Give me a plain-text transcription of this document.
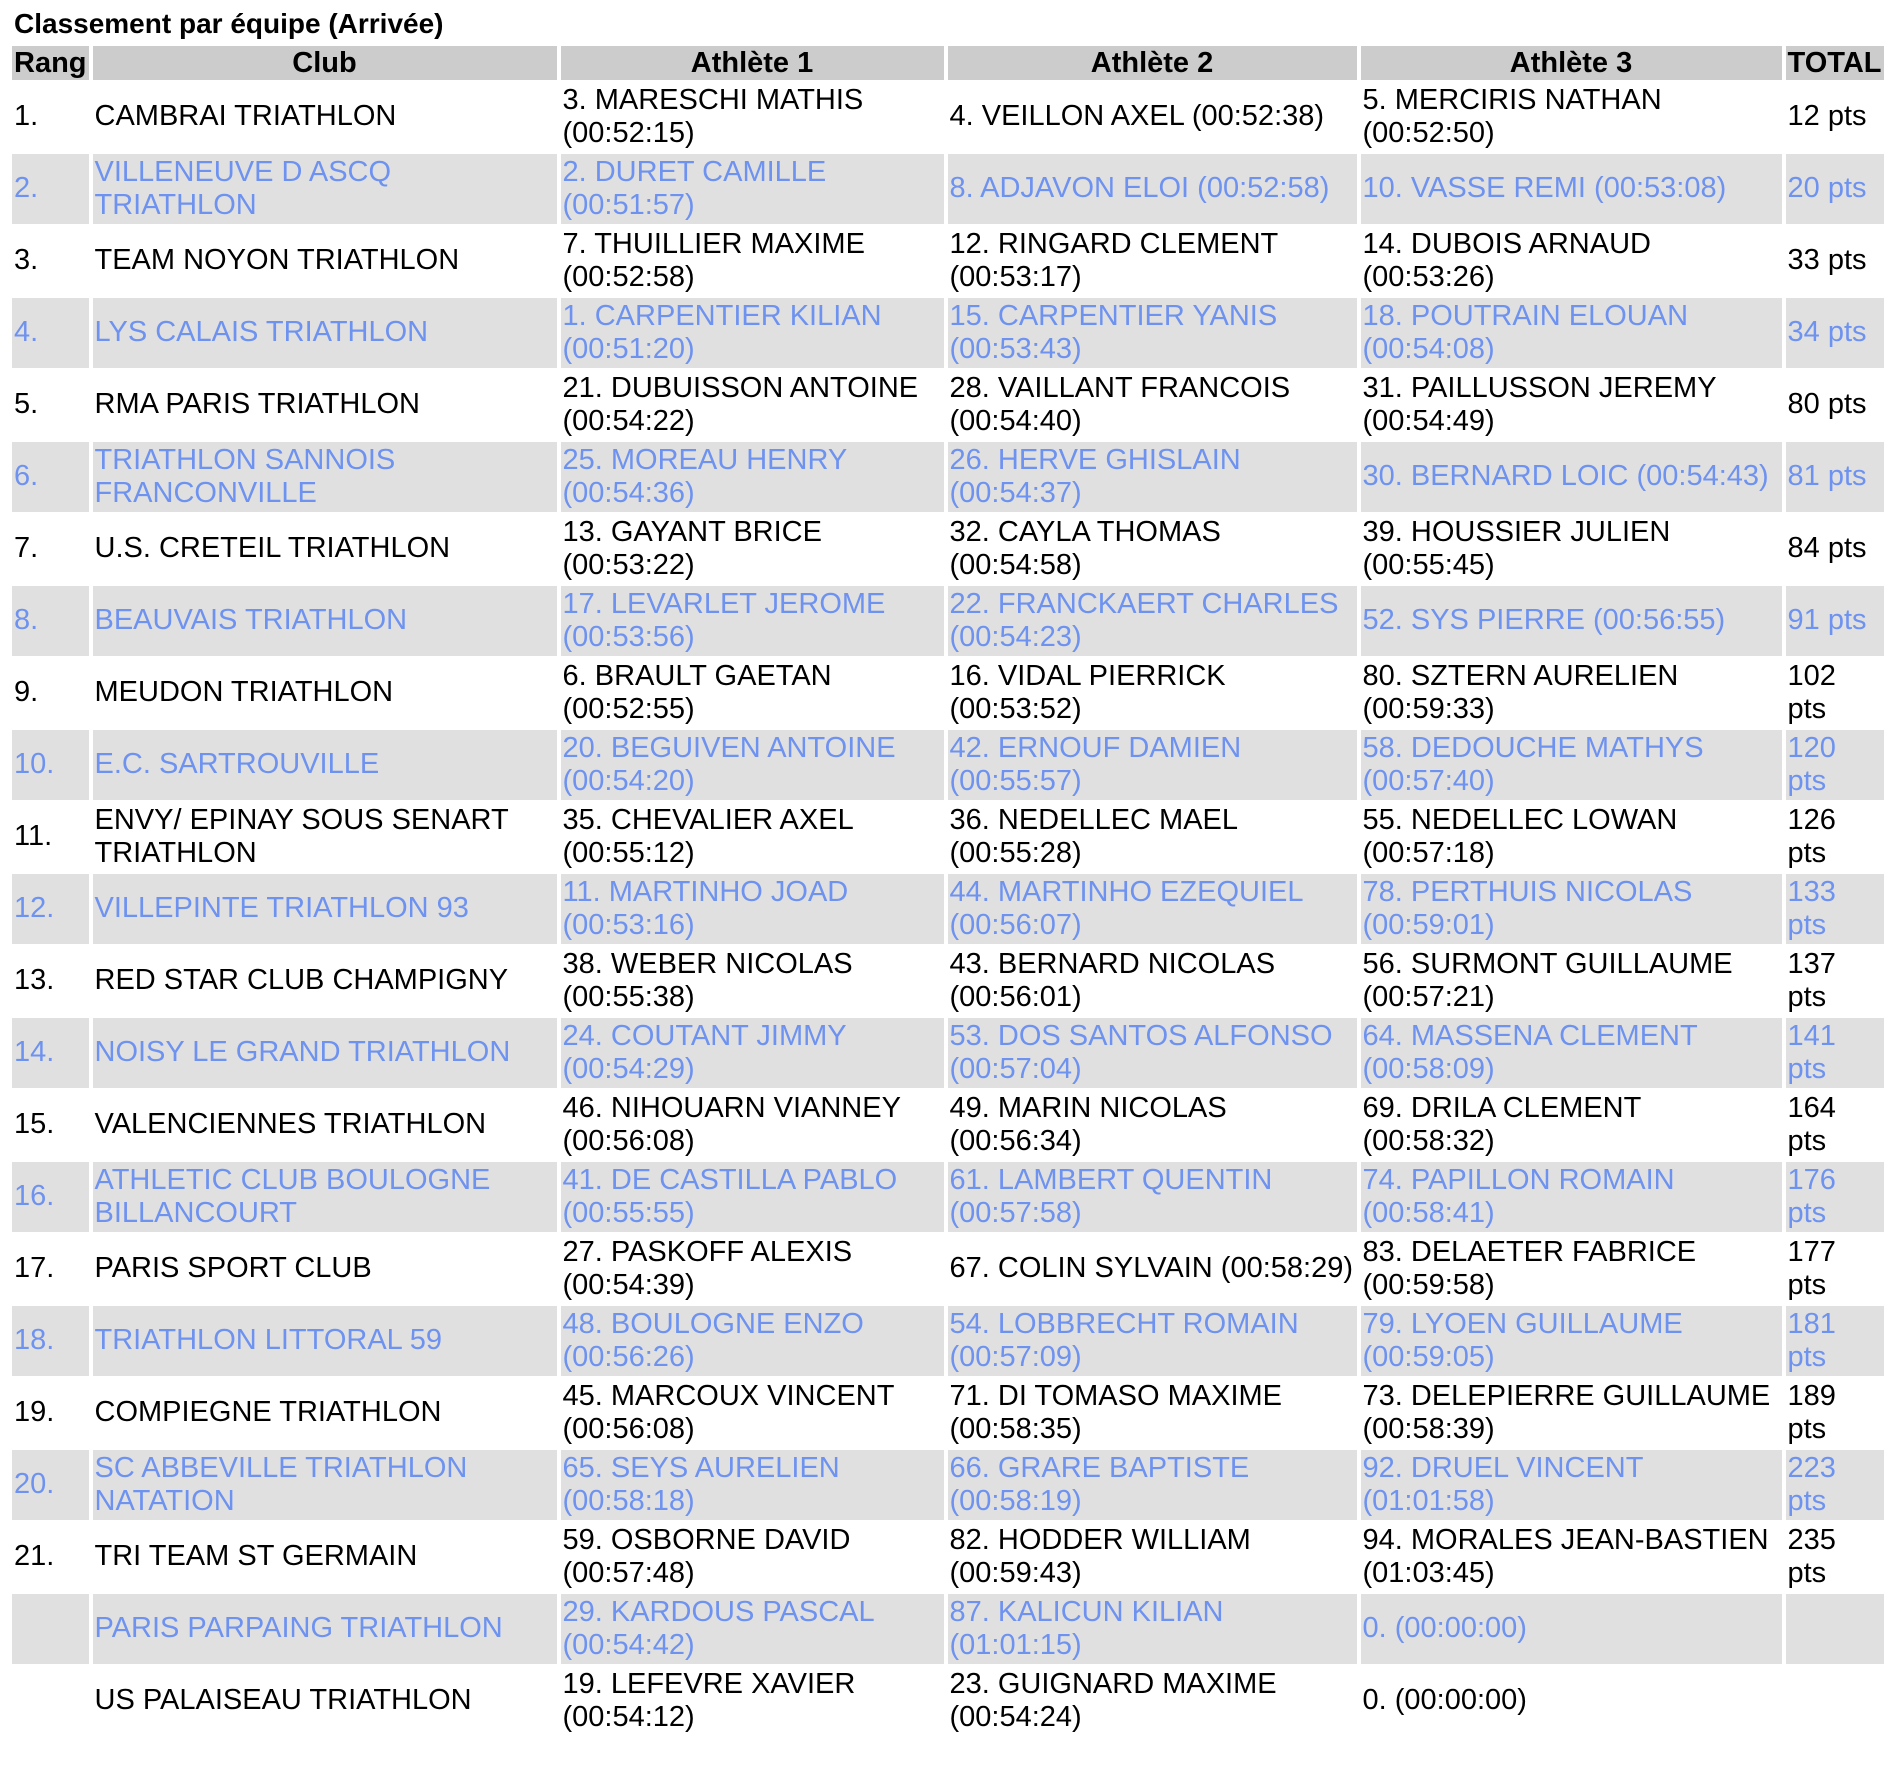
Classement par équipe (Arrivée)
Rang	Club	Athlète 1	Athlète 2	Athlète 3	TOTAL
1.	CAMBRAI TRIATHLON	3. MARESCHI MATHIS (00:52:15)	4. VEILLON AXEL (00:52:38)	5. MERCIRIS NATHAN (00:52:50)	12 pts
2.	VILLENEUVE D ASCQ TRIATHLON	2. DURET CAMILLE (00:51:57)	8. ADJAVON ELOI (00:52:58)	10. VASSE REMI (00:53:08)	20 pts
3.	TEAM NOYON TRIATHLON	7. THUILLIER MAXIME (00:52:58)	12. RINGARD CLEMENT (00:53:17)	14. DUBOIS ARNAUD (00:53:26)	33 pts
4.	LYS CALAIS TRIATHLON	1. CARPENTIER KILIAN (00:51:20)	15. CARPENTIER YANIS (00:53:43)	18. POUTRAIN ELOUAN (00:54:08)	34 pts
5.	RMA PARIS TRIATHLON	21. DUBUISSON ANTOINE (00:54:22)	28. VAILLANT FRANCOIS (00:54:40)	31. PAILLUSSON JEREMY (00:54:49)	80 pts
6.	TRIATHLON SANNOIS FRANCONVILLE	25. MOREAU HENRY (00:54:36)	26. HERVE GHISLAIN (00:54:37)	30. BERNARD LOIC (00:54:43)	81 pts
7.	U.S. CRETEIL TRIATHLON	13. GAYANT BRICE (00:53:22)	32. CAYLA THOMAS (00:54:58)	39. HOUSSIER JULIEN (00:55:45)	84 pts
8.	BEAUVAIS TRIATHLON	17. LEVARLET JEROME (00:53:56)	22. FRANCKAERT CHARLES (00:54:23)	52. SYS PIERRE (00:56:55)	91 pts
9.	MEUDON TRIATHLON	6. BRAULT GAETAN (00:52:55)	16. VIDAL PIERRICK (00:53:52)	80. SZTERN AURELIEN (00:59:33)	102 pts
10.	E.C. SARTROUVILLE	20. BEGUIVEN ANTOINE (00:54:20)	42. ERNOUF DAMIEN (00:55:57)	58. DEDOUCHE MATHYS (00:57:40)	120 pts
11.	ENVY/ EPINAY SOUS SENART TRIATHLON	35. CHEVALIER AXEL (00:55:12)	36. NEDELLEC MAEL (00:55:28)	55. NEDELLEC LOWAN (00:57:18)	126 pts
12.	VILLEPINTE TRIATHLON 93	11. MARTINHO JOAD (00:53:16)	44. MARTINHO EZEQUIEL (00:56:07)	78. PERTHUIS NICOLAS (00:59:01)	133 pts
13.	RED STAR CLUB CHAMPIGNY	38. WEBER NICOLAS (00:55:38)	43. BERNARD NICOLAS (00:56:01)	56. SURMONT GUILLAUME (00:57:21)	137 pts
14.	NOISY LE GRAND TRIATHLON	24. COUTANT JIMMY (00:54:29)	53. DOS SANTOS ALFONSO (00:57:04)	64. MASSENA CLEMENT (00:58:09)	141 pts
15.	VALENCIENNES TRIATHLON	46. NIHOUARN VIANNEY (00:56:08)	49. MARIN NICOLAS (00:56:34)	69. DRILA CLEMENT (00:58:32)	164 pts
16.	ATHLETIC CLUB BOULOGNE BILLANCOURT	41. DE CASTILLA PABLO (00:55:55)	61. LAMBERT QUENTIN (00:57:58)	74. PAPILLON ROMAIN (00:58:41)	176 pts
17.	PARIS SPORT CLUB	27. PASKOFF ALEXIS (00:54:39)	67. COLIN SYLVAIN (00:58:29)	83. DELAETER FABRICE (00:59:58)	177 pts
18.	TRIATHLON LITTORAL 59	48. BOULOGNE ENZO (00:56:26)	54. LOBBRECHT ROMAIN (00:57:09)	79. LYOEN GUILLAUME (00:59:05)	181 pts
19.	COMPIEGNE TRIATHLON	45. MARCOUX VINCENT (00:56:08)	71. DI TOMASO MAXIME (00:58:35)	73. DELEPIERRE GUILLAUME (00:58:39)	189 pts
20.	SC ABBEVILLE TRIATHLON NATATION	65. SEYS AURELIEN (00:58:18)	66. GRARE BAPTISTE (00:58:19)	92. DRUEL VINCENT (01:01:58)	223 pts
21.	TRI TEAM ST GERMAIN	59. OSBORNE DAVID (00:57:48)	82. HODDER WILLIAM (00:59:43)	94. MORALES JEAN-BASTIEN (01:03:45)	235 pts
	PARIS PARPAING TRIATHLON	29. KARDOUS PASCAL (00:54:42)	87. KALICUN KILIAN (01:01:15)	0. (00:00:00)	
	US PALAISEAU TRIATHLON	19. LEFEVRE XAVIER (00:54:12)	23. GUIGNARD MAXIME (00:54:24)	0. (00:00:00)	
